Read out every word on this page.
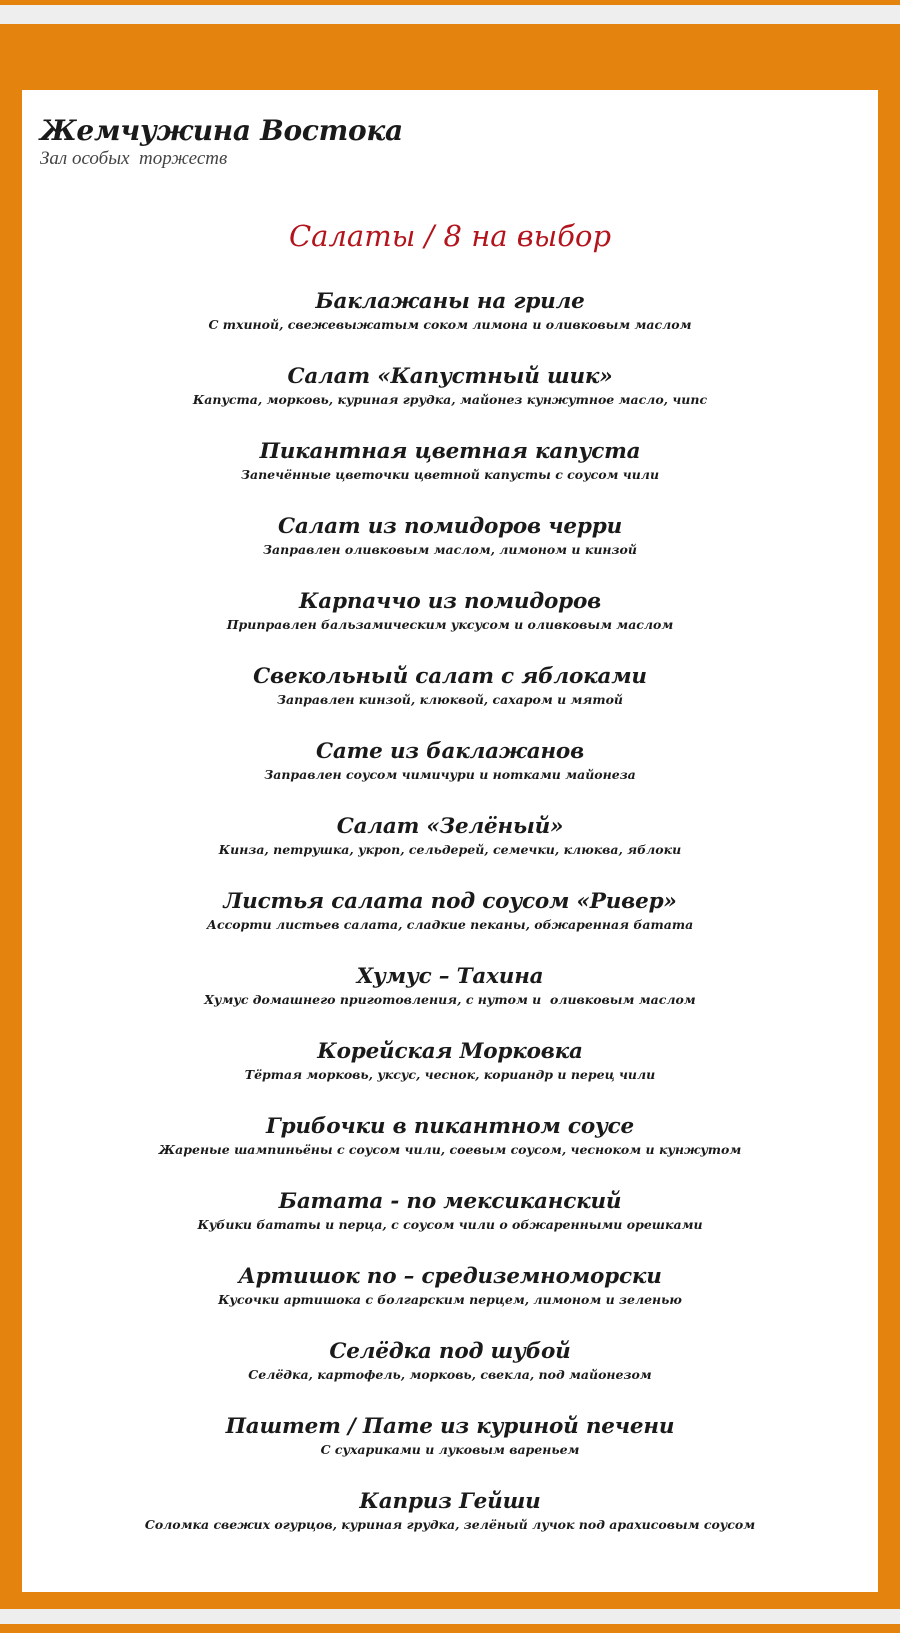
Жемчужина Востока
Зал особых  торжеств
Салаты / 8 на выбор
Баклажаны на гриле
С тхиной, свежевыжатым соком лимона и оливковым маслом
Салат «Капустный шик»
Капуста, морковь, куриная грудка, майонез кунжутное масло, чипс
Пикантная цветная капуста
Запечённые цветочки цветной капусты с соусом чили
Салат из помидоров черри
Заправлен оливковым маслом, лимоном и кинзой
Карпаччо из помидоров
Приправлен бальзамическим уксусом и оливковым маслом
Свекольный салат с яблоками
Заправлен кинзой, клюквой, сахаром и мятой
Сате из баклажанов
Заправлен соусом чимичури и нотками майонеза
Салат «Зелёный»
Кинза, петрушка, укроп, сельдерей, семечки, клюква, яблоки
Листья салата под соусом «Ривер»
Ассорти листьев салата, сладкие пеканы, обжаренная батата
Хумус – Тахина
Хумус домашнего приготовления, с нутом и  оливковым маслом
Корейская Морковка
Тёртая морковь, уксус, чеснок, кориандр и перец чили
Грибочки в пикантном соусе
Жареные шампиньёны с соусом чили, соевым соусом, чесноком и кунжутом
Батата - по мексиканский
Кубики бататы и перца, с соусом чили о обжаренными орешками
Артишок по – средиземноморски
Кусочки артишока с болгарским перцем, лимоном и зеленью
Селёдка под шубой
Селёдка, картофель, морковь, свекла, под майонезом
Паштет / Пате из куриной печени
С сухариками и луковым вареньем
Каприз Гейши
Соломка свежих огурцов, куриная грудка, зелёный лучок под арахисовым соусом
